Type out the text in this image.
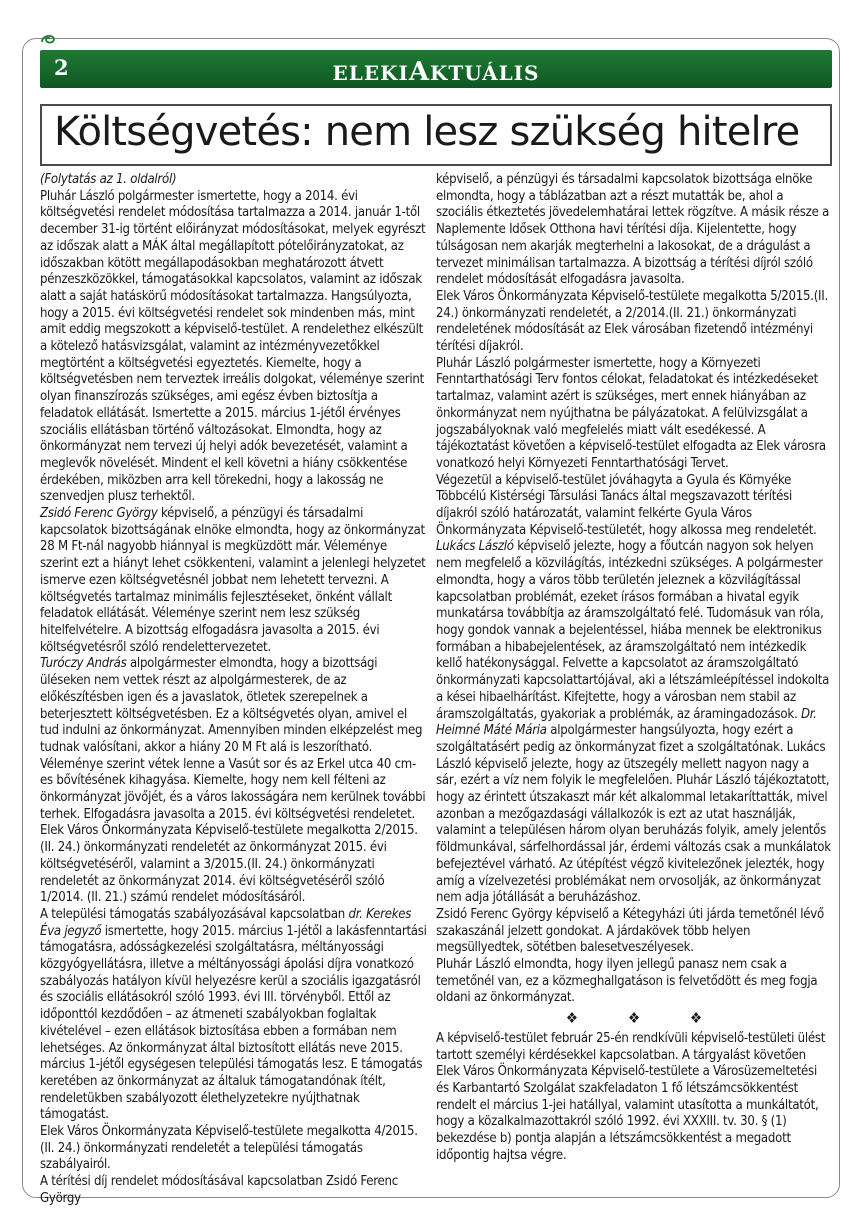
2	ELEKIAKTUÁLIS
Költségvetés: nem lesz szükség hitelre

(Folytatás az 1. oldalról)

Pluhár László polgármester ismertette, hogy a 2014. évi költségvetési rendelet módosítása tartalmazza a 2014. január 1-től december 31-ig történt előirányzat módosításokat, melyek egyrészt az időszak alatt a MÁK által megállapított pótelőirányzatokat, az időszakban kötött megállapodásokban meghatározott átvett pénzeszközökkel, támogatásokkal kapcsolatos, valamint az időszak alatt a saját hatáskörű módosításokat tartalmazza. Hangsúlyozta, hogy a 2015. évi költségvetési rendelet sok mindenben más, mint amit eddig megszokott a képviselő-testület. A rendelethez elkészült a kötelező hatásvizsgálat, valamint az intézményvezetőkkel megtörtént a költségvetési egyeztetés. Kiemelte, hogy a költségvetésben nem terveztek irreális dolgokat, véleménye szerint olyan finanszírozás szükséges, ami egész évben biztosítja a feladatok ellátását. Ismertette a 2015. március 1-jétől érvényes szociális ellátásban történő változásokat. Elmondta, hogy az önkormányzat nem tervezi új helyi adók bevezetését, valamint a meglevők növelését. Mindent el kell követni a hiány csökkentése érdekében, miközben arra kell törekedni, hogy a lakosság ne szenvedjen plusz terhektől.

Zsidó Ferenc György képviselő, a pénzügyi és társadalmi kapcsolatok bizottságának elnöke elmondta, hogy az önkormányzat 28 M Ft-nál nagyobb hiánnyal is megküzdött már. Véleménye szerint ezt a hiányt lehet csökkenteni, valamint a jelenlegi helyzetet ismerve ezen költségvetésnél jobbat nem lehetett tervezni. A költségvetés tartalmaz minimális fejlesztéseket, önként vállalt feladatok ellátását. Véleménye szerint nem lesz szükség hitelfelvételre. A bizottság elfogadásra javasolta a 2015. évi költségvetésről szóló rendelettervezetet.

Turóczy András alpolgármester elmondta, hogy a bizottsági üléseken nem vettek részt az alpolgármesterek, de az előkészítésben igen és a javaslatok, ötletek szerepelnek a beterjesztett költségvetésben. Ez a költségvetés olyan, amivel el tud indulni az önkormányzat. Amennyiben minden elképzelést meg tudnak valósítani, akkor a hiány 20 M Ft alá is leszorítható. Véleménye szerint vétek lenne a Vasút sor és az Erkel utca 40 cm-es bővítésének kihagyása. Kiemelte, hogy nem kell félteni az önkormányzat jövőjét, és a város lakosságára nem kerülnek további terhek. Elfogadásra javasolta a 2015. évi költségvetési rendeletet.

Elek Város Önkormányzata Képviselő-testülete megalkotta 2/2015. (II. 24.) önkormányzati rendeletét az önkormányzat 2015. évi költségvetéséről, valamint a 3/2015.(II. 24.) önkormányzati rendeletét az önkormányzat 2014. évi költségvetéséről szóló 1/2014. (II. 21.) számú rendelet módosításáról.

A települési támogatás szabályozásával kapcsolatban dr. Kerekes Éva jegyző ismertette, hogy 2015. március 1-jétől a lakásfenntartási támogatásra, adósságkezelési szolgáltatásra, méltányossági közgyógyellátásra, illetve a méltányossági ápolási díjra vonatkozó szabályozás hatályon kívül helyezésre kerül a szociális igazgatásról és szociális ellátásokról szóló 1993. évi III. törvényből. Ettől az időponttól kezdődően – az átmeneti szabályokban foglaltak kivételével – ezen ellátások biztosítása ebben a formában nem lehetséges. Az önkormányzat által biztosított ellátás neve 2015. március 1-jétől egységesen települési támogatás lesz. E támogatás keretében az önkormányzat az általuk támogatandónak ítélt, rendeletükben szabályozott élethelyzetekre nyújthatnak támogatást.

Elek Város Önkormányzata Képviselő-testülete megalkotta 4/2015. (II. 24.) önkormányzati rendeletét a települési támogatás szabályairól.

A térítési díj rendelet módosításával kapcsolatban Zsidó Ferenc György

képviselő, a pénzügyi és társadalmi kapcsolatok bizottsága elnöke elmondta, hogy a táblázatban azt a részt mutatták be, ahol a szociális étkeztetés jövedelemhatárai lettek rögzítve. A másik része a Naplemente Idősek Otthona havi térítési díja. Kijelentette, hogy túlságosan nem akarják megterhelni a lakosokat, de a drágulást a tervezet minimálisan tartalmazza. A bizottság a térítési díjról szóló rendelet módosítását elfogadásra javasolta.

Elek Város Önkormányzata Képviselő-testülete megalkotta 5/2015.(II. 24.) önkormányzati rendeletét, a 2/2014.(II. 21.) önkormányzati rendeletének módosítását az Elek városában fizetendő intézményi térítési díjakról.

Pluhár László polgármester ismertette, hogy a Környezeti Fenntarthatósági Terv fontos célokat, feladatokat és intézkedéseket tartalmaz, valamint azért is szükséges, mert ennek hiányában az önkormányzat nem nyújthatna be pályázatokat. A felülvizsgálat a jogszabályoknak való megfelelés miatt vált esedékessé. A tájékoztatást követően a képviselő-testület elfogadta az Elek városra vonatkozó helyi Környezeti Fenntarthatósági Tervet.

Végezetül a képviselő-testület jóváhagyta a Gyula és Környéke Többcélú Kistérségi Társulási Tanács által megszavazott térítési díjakról szóló határozatát, valamint felkérte Gyula Város Önkormányzata Képviselő-testületét, hogy alkossa meg rendeletét.

Lukács László képviselő jelezte, hogy a főutcán nagyon sok helyen nem megfelelő a közvilágítás, intézkedni szükséges. A polgármester elmondta, hogy a város több területén jeleznek a közvilágítással kapcsolatban problémát, ezeket írásos formában a hivatal egyik munkatársa továbbítja az áramszolgáltató felé. Tudomásuk van róla, hogy gondok vannak a bejelentéssel, hiába mennek be elektronikus formában a hibabejelentések, az áramszolgáltató nem intézkedik kellő hatékonysággal. Felvette a kapcsolatot az áramszolgáltató önkormányzati kapcsolattartójával, aki a létszámleépítéssel indokolta a kései hibaelhárítást. Kifejtette, hogy a városban nem stabil az áramszolgáltatás, gyakoriak a problémák, az áramingadozások. Dr. Heimné Máté Mária alpolgármester hangsúlyozta, hogy ezért a szolgáltatásért pedig az önkormányzat fizet a szolgáltatónak. Lukács László képviselő jelezte, hogy az ütszegély mellett nagyon nagy a sár, ezért a víz nem folyik le megfelelően. Pluhár László tájékoztatott, hogy az érintett útszakaszt már két alkalommal letakaríttatták, mivel azonban a mezőgazdasági vállalkozók is ezt az utat használják, valamint a településen három olyan beruházás folyik, amely jelentős földmunkával, sárfelhordással jár, érdemi változás csak a munkálatok befejeztével várható. Az útépítést végző kivitelezőnek jelezték, hogy amíg a vízelvezetési problémákat nem orvosolják, az önkormányzat nem adja jótállását a beruházáshoz.

Zsidó Ferenc György képviselő a Kétegyházi úti járda temetőnél lévő szakaszánál jelzett gondokat. A járdakövek több helyen megsüllyedtek, sötétben balesetveszélyesek.

Pluhár László elmondta, hogy ilyen jellegű panasz nem csak a temetőnél van, ez a közmeghallgatáson is felvetődött és meg fogja oldani az önkormányzat.

❖	❖	❖

A képviselő-testület február 25-én rendkívüli képviselő-testületi ülést tartott személyi kérdésekkel kapcsolatban. A tárgyalást követően Elek Város Önkormányzata Képviselő-testülete a Városüzemeltetési és Karbantartó Szolgálat szakfeladaton 1 fő létszámcsökkentést rendelt el március 1-jei hatállyal, valamint utasította a munkáltatót, hogy a közalkalmazottakról szóló 1992. évi XXXIII. tv. 30. § (1) bekezdése b) pontja alapján a létszámcsökkentést a megadott időpontig hajtsa végre.
